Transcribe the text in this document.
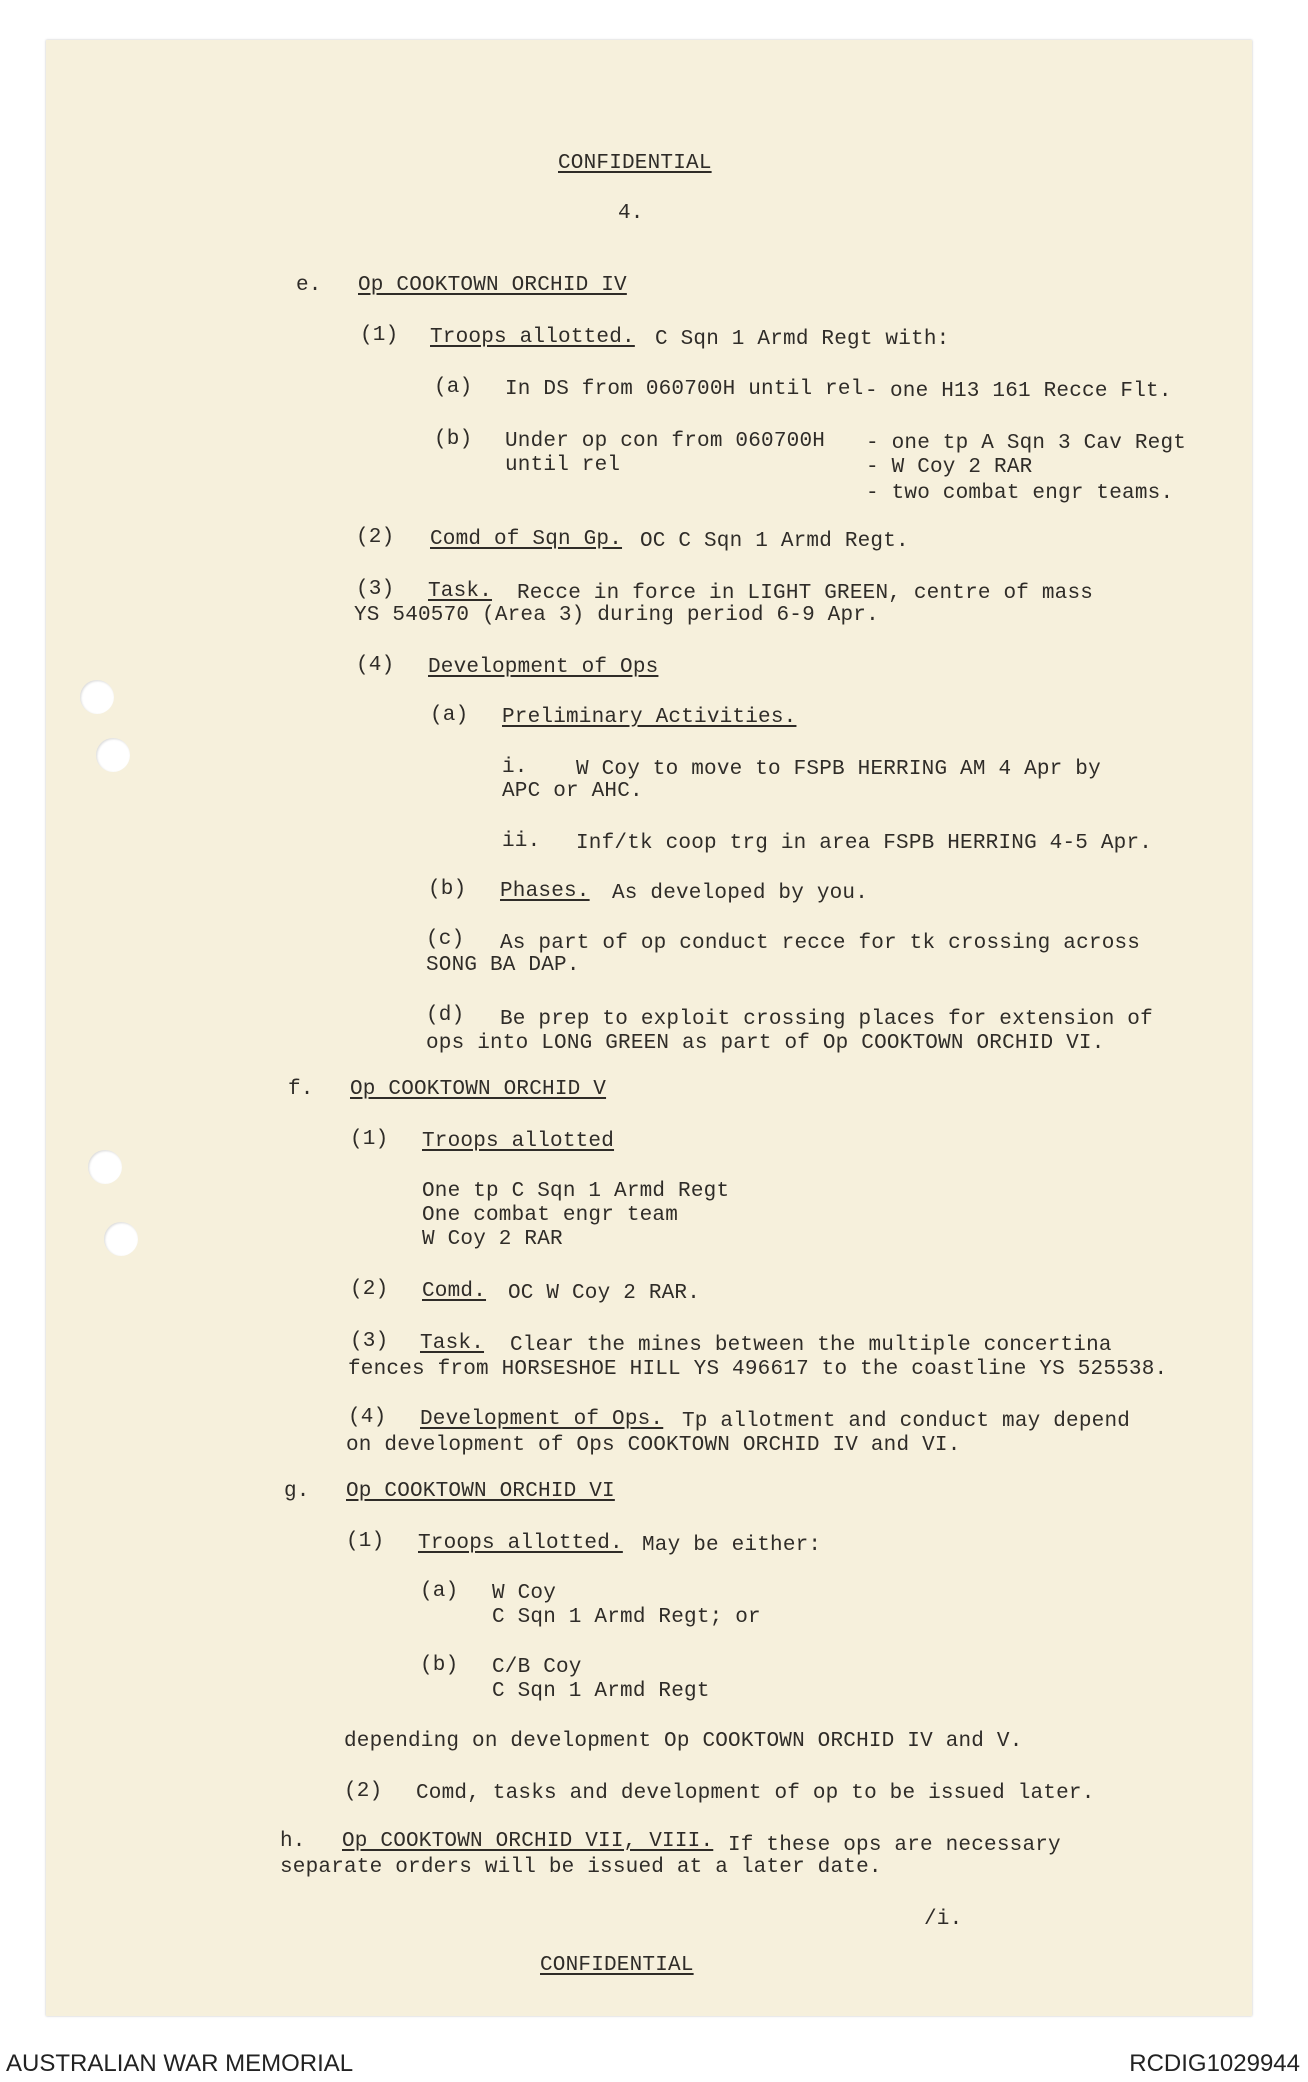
CONFIDENTIAL
4.
e. Op COOKTOWN ORCHID IV
(1) Troops allotted. C Sqn 1 Armd Regt with:
(a) In DS from 060700H until rel - one H13 161 Recce Flt.
(b) Under op con from 060700H
until rel
- one tp A Sqn 3 Cav Regt
- W Coy 2 RAR
- two combat engr teams.
(2) Comd of Sqn Gp. OC C Sqn 1 Armd Regt.
(3) Task. Recce in force in LIGHT GREEN, centre of mass
YS 540570 (Area 3) during period 6-9 Apr.
(4) Development of Ops
(a) Preliminary Activities.
i. W Coy to move to FSPB HERRING AM 4 Apr by
APC or AHC.
ii. Inf/tk coop trg in area FSPB HERRING 4-5 Apr.
(b) Phases. As developed by you.
(c) As part of op conduct recce for tk crossing across
SONG BA DAP.
(d) Be prep to exploit crossing places for extension of
ops into LONG GREEN as part of Op COOKTOWN ORCHID VI.
f. Op COOKTOWN ORCHID V
(1) Troops allotted
One tp C Sqn 1 Armd Regt
One combat engr team
W Coy 2 RAR
(2) Comd. OC W Coy 2 RAR.
(3) Task. Clear the mines between the multiple concertina
fences from HORSESHOE HILL YS 496617 to the coastline YS 525538.
(4) Development of Ops. Tp allotment and conduct may depend
on development of Ops COOKTOWN ORCHID IV and VI.
g. Op COOKTOWN ORCHID VI
(1) Troops allotted. May be either:
(a) W Coy
C Sqn 1 Armd Regt; or
(b) C/B Coy
C Sqn 1 Armd Regt
depending on development Op COOKTOWN ORCHID IV and V.
(2) Comd, tasks and development of op to be issued later.
h. Op COOKTOWN ORCHID VII, VIII. If these ops are necessary
separate orders will be issued at a later date.
/i.
CONFIDENTIAL
AUSTRALIAN WAR MEMORIAL	RCDIG1029944
